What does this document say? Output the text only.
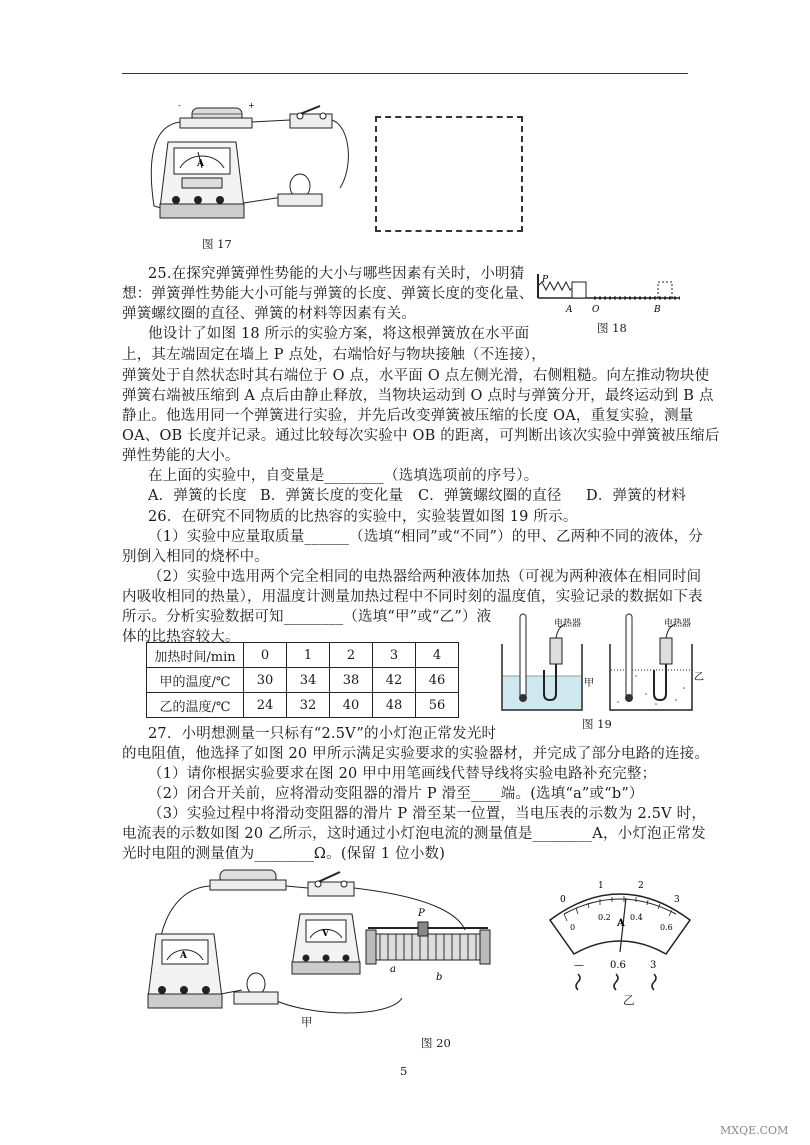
-	+
A
图 17
25.在探究弹簧弹性势能的大小与哪些因素有关时，小明猜
想：弹簧弹性势能大小可能与弹簧的长度、弹簧长度的变化量、
弹簧螺纹圈的直径、弹簧的材料等因素有关。
他设计了如图 18 所示的实验方案，将这根弹簧放在水平面
上，其左端固定在墙上 P 点处，右端恰好与物块接触（不连接），
弹簧处于自然状态时其右端位于 O 点，水平面 O 点左侧光滑，右侧粗糙。向左推动物块使
弹簧右端被压缩到 A 点后由静止释放，当物块运动到 O 点时与弹簧分开，最终运动到 B 点
静止。他选用同一个弹簧进行实验，并先后改变弹簧被压缩的长度 OA，重复实验，测量
OA、OB 长度并记录。通过比较每次实验中 OB 的距离，可判断出该次实验中弹簧被压缩后
弹性势能的大小。
在上面的实验中，自变量是________（选填选项前的序号）。
A．弹簧的长度 B．弹簧长度的变化量 C．弹簧螺纹圈的直径 D．弹簧的材料
P
A O	B
图 18
26．在研究不同物质的比热容的实验中，实验装置如图 19 所示。
（1）实验中应量取质量______（选填“相同”或“不同”）的甲、乙两种不同的液体，分
别倒入相同的烧杯中。
（2）实验中选用两个完全相同的电热器给两种液体加热（可视为两种液体在相同时间
内吸收相同的热量），用温度计测量加热过程中不同时刻的温度值，实验记录的数据如下表
所示。分析实验数据可知________（选填“甲”或“乙”）液
体的比热容较大。
加热时间/min	0	1	2	3	4
甲的温度/℃	30	34	38	42	46
乙的温度/℃	24	32	40	48	56
电热器
甲
电热器
乙
图 19
27．小明想测量一只标有“2.5V”的小灯泡正常发光时
的电阻值，他选择了如图 20 甲所示满足实验要求的实验器材，并完成了部分电路的连接。
（1）请你根据实验要求在图 20 甲中用笔画线代替导线将实验电路补充完整；
（2）闭合开关前，应将滑动变阻器的滑片 P 滑至____端。(选填“a”或“b”）
（3）实验过程中将滑动变阻器的滑片 P 滑至某一位置，当电压表的示数为 2.5V 时，
电流表的示数如图 20 乙所示，这时通过小灯泡电流的测量值是________A，小灯泡正常发
光时电阻的测量值为________Ω。(保留 1 位小数)
A
V
P
a
b
甲
0
1	2
3
0
0.2 0.4
0.6
A
—	0.6 3
乙
图 20
5
MXQE.COM
